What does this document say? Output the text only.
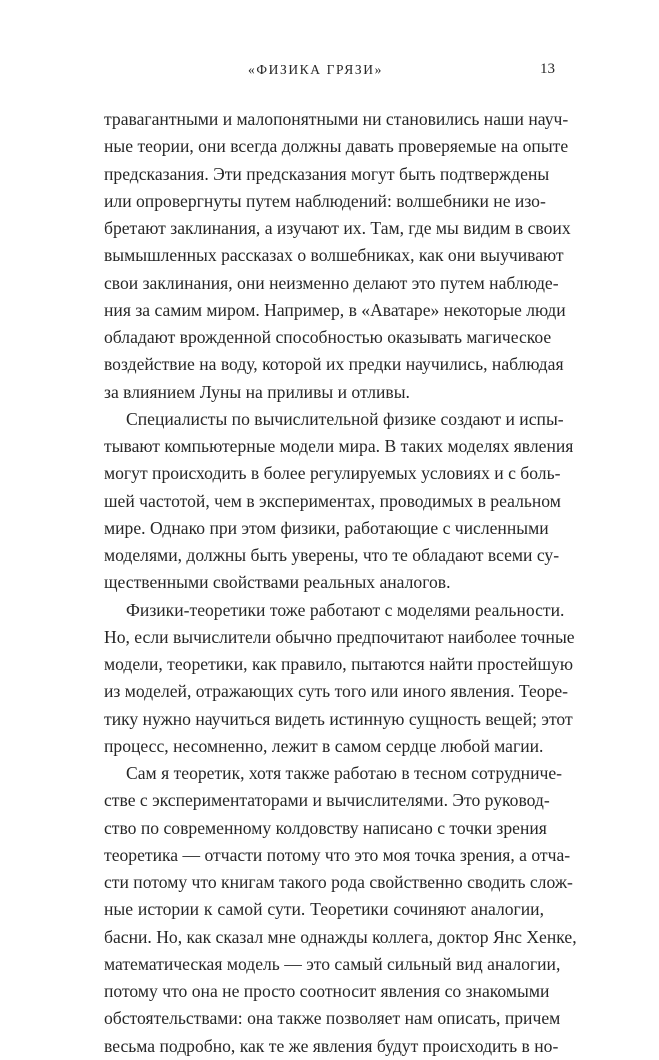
«ФИЗИКА ГРЯЗИ»	13
травагантными и малопонятными ни становились наши науч-
ные теории, они всегда должны давать проверяемые на опыте
предсказания. Эти предсказания могут быть подтверждены
или опровергнуты путем наблюдений: волшебники не изо-
бретают заклинания, а изучают их. Там, где мы видим в своих
вымышленных рассказах о волшебниках, как они выучивают
свои заклинания, они неизменно делают это путем наблюде-
ния за самим миром. Например, в «Аватаре» некоторые люди
обладают врожденной способностью оказывать магическое
воздействие на воду, которой их предки научились, наблюдая
за влиянием Луны на приливы и отливы.
Специалисты по вычислительной физике создают и испы-
тывают компьютерные модели мира. В таких моделях явления
могут происходить в более регулируемых условиях и с боль-
шей частотой, чем в экспериментах, проводимых в реальном
мире. Однако при этом физики, работающие с численными
моделями, должны быть уверены, что те обладают всеми су-
щественными свойствами реальных аналогов.
Физики-теоретики тоже работают с моделями реальности.
Но, если вычислители обычно предпочитают наиболее точные
модели, теоретики, как правило, пытаются найти простейшую
из моделей, отражающих суть того или иного явления. Теоре-
тику нужно научиться видеть истинную сущность вещей; этот
процесс, несомненно, лежит в самом сердце любой магии.
Сам я теоретик, хотя также работаю в тесном сотрудниче-
стве с экспериментаторами и вычислителями. Это руковод-
ство по современному колдовству написано с точки зрения
теоретика — отчасти потому что это моя точка зрения, а отча-
сти потому что книгам такого рода свойственно сводить слож-
ные истории к самой сути. Теоретики сочиняют аналогии,
басни. Но, как сказал мне однажды коллега, доктор Янс Хенке,
математическая модель — это самый сильный вид аналогии,
потому что она не просто соотносит явления со знакомыми
обстоятельствами: она также позволяет нам описать, причем
весьма подробно, как те же явления будут происходить в но-
